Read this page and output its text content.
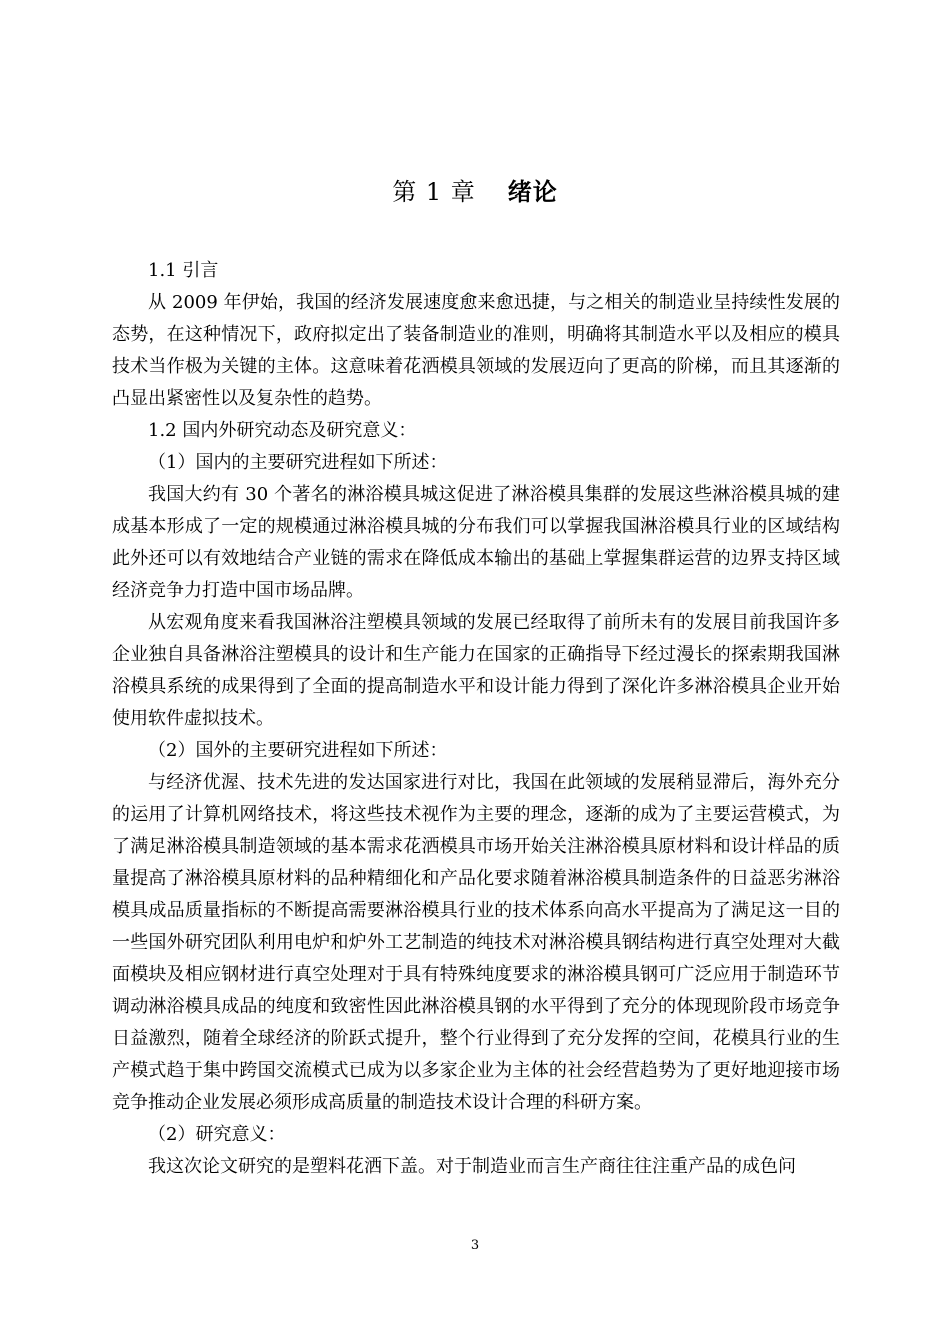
第 1 章 绪论

1.1 引言

从 2009 年伊始，我国的经济发展速度愈来愈迅捷，与之相关的制造业呈持续性发展的态势，在这种情况下，政府拟定出了装备制造业的准则，明确将其制造水平以及相应的模具技术当作极为关键的主体。这意味着花洒模具领域的发展迈向了更高的阶梯，而且其逐渐的凸显出紧密性以及复杂性的趋势。

1.2 国内外研究动态及研究意义：

（1）国内的主要研究进程如下所述：

我国大约有 30 个著名的淋浴模具城这促进了淋浴模具集群的发展这些淋浴模具城的建成基本形成了一定的规模通过淋浴模具城的分布我们可以掌握我国淋浴模具行业的区域结构此外还可以有效地结合产业链的需求在降低成本输出的基础上掌握集群运营的边界支持区域经济竞争力打造中国市场品牌。

从宏观角度来看我国淋浴注塑模具领域的发展已经取得了前所未有的发展目前我国许多企业独自具备淋浴注塑模具的设计和生产能力在国家的正确指导下经过漫长的探索期我国淋浴模具系统的成果得到了全面的提高制造水平和设计能力得到了深化许多淋浴模具企业开始使用软件虚拟技术。

（2）国外的主要研究进程如下所述：

与经济优渥、技术先进的发达国家进行对比，我国在此领域的发展稍显滞后，海外充分的运用了计算机网络技术，将这些技术视作为主要的理念，逐渐的成为了主要运营模式，为了满足淋浴模具制造领域的基本需求花洒模具市场开始关注淋浴模具原材料和设计样品的质量提高了淋浴模具原材料的品种精细化和产品化要求随着淋浴模具制造条件的日益恶劣淋浴模具成品质量指标的不断提高需要淋浴模具行业的技术体系向高水平提高为了满足这一目的一些国外研究团队利用电炉和炉外工艺制造的纯技术对淋浴模具钢结构进行真空处理对大截面模块及相应钢材进行真空处理对于具有特殊纯度要求的淋浴模具钢可广泛应用于制造环节调动淋浴模具成品的纯度和致密性因此淋浴模具钢的水平得到了充分的体现现阶段市场竞争日益激烈，随着全球经济的阶跃式提升，整个行业得到了充分发挥的空间，花模具行业的生产模式趋于集中跨国交流模式已成为以多家企业为主体的社会经营趋势为了更好地迎接市场竞争推动企业发展必须形成高质量的制造技术设计合理的科研方案。

（2）研究意义：

我这次论文研究的是塑料花洒下盖。对于制造业而言生产商往往注重产品的成色问

3
